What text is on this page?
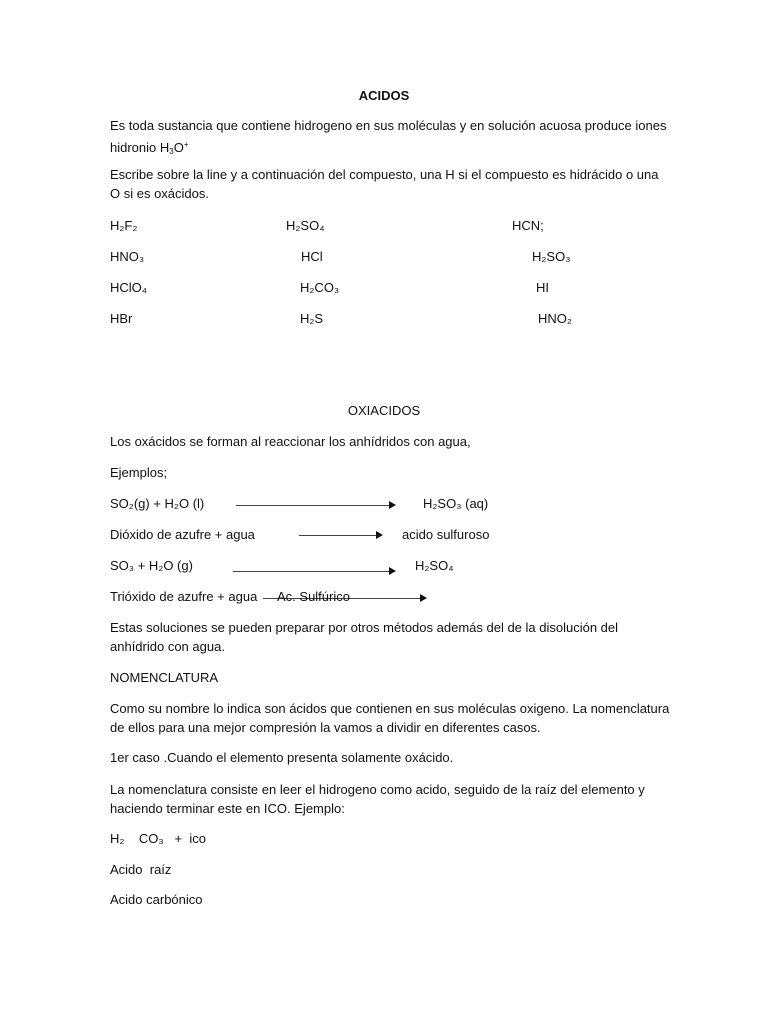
ACIDOS
Es toda sustancia que contiene hidrogeno en sus moléculas y en solución acuosa produce iones hidronio $H_3O^+$
Escribe sobre la line y a continuación del compuesto, una H si el compuesto es hidrácido o una O si es oxácidos.
H₂F₂	H₂SO₄	HCN;
HNO₃	HCl	H₂SO₃
HClO₄	H₂CO₃	HI
HBr	H₂S	HNO₂
OXIACIDOS
Los oxácidos se forman al reaccionar los anhídridos con agua,
Ejemplos;
SO₂(g) + H₂O (l)	H₂SO₃ (aq)
Dióxido de azufre + agua	acido sulfuroso
SO₃ + H₂O (g)	H₂SO₄
Trióxido de azufre + agua Ac. Sulfúrico
Estas soluciones se pueden preparar por otros métodos además del de la disolución del anhídrido con agua.
NOMENCLATURA
Como su nombre lo indica son ácidos que contienen en sus moléculas oxigeno. La nomenclatura de ellos para una mejor compresión la vamos a dividir en diferentes casos.
1er caso .Cuando el elemento presenta solamente oxácido.
La nomenclatura consiste en leer el hidrogeno como acido, seguido de la raíz del elemento y haciendo terminar este en ICO. Ejemplo:
H₂    CO₃   +  ico
Acido  raíz
Acido carbónico
